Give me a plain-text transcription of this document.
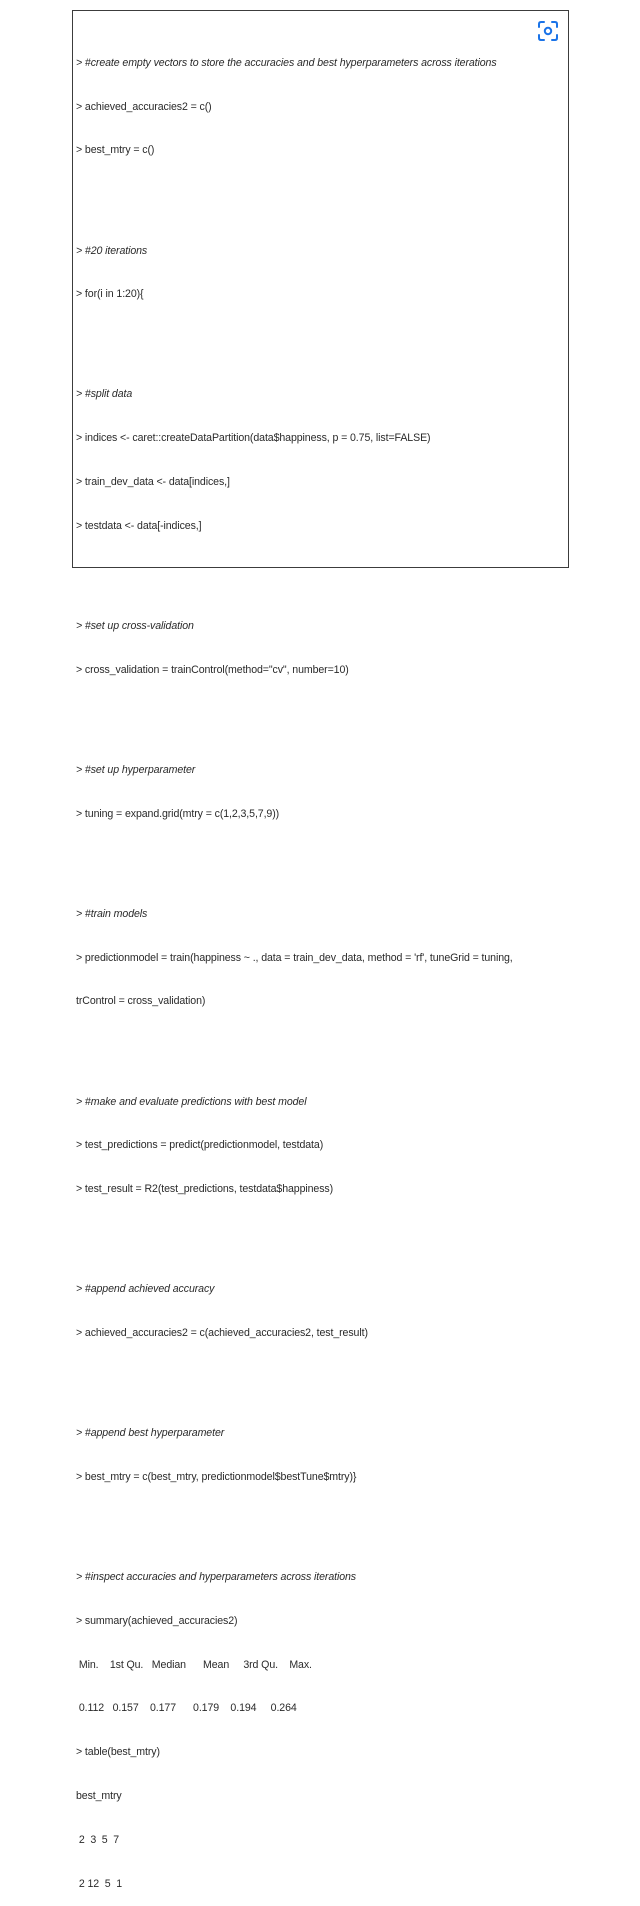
> #create empty vectors to store the accuracies and best hyperparameters across iterations

> achieved_accuracies2 = c()

> best_mtry = c()

> #20 iterations

> for(i in 1:20){

> #split data

> indices <- caret::createDataPartition(data$happiness, p = 0.75, list=FALSE)

> train_dev_data <- data[indices,]

> testdata <- data[-indices,]

> #set up cross-validation

> cross_validation = trainControl(method="cv", number=10)

> #set up hyperparameter

> tuning = expand.grid(mtry = c(1,2,3,5,7,9))

> #train models

> predictionmodel = train(happiness ~ ., data = train_dev_data, method = 'rf', tuneGrid = tuning,

trControl = cross_validation)

> #make and evaluate predictions with best model

> test_predictions = predict(predictionmodel, testdata)

> test_result = R2(test_predictions, testdata$happiness)

> #append achieved accuracy

> achieved_accuracies2 = c(achieved_accuracies2, test_result)

> #append best hyperparameter

> best_mtry = c(best_mtry, predictionmodel$bestTune$mtry)}

> #inspect accuracies and hyperparameters across iterations

> summary(achieved_accuracies2)

Min.    1st Qu.   Median      Mean     3rd Qu.    Max.

0.112   0.157    0.177      0.179    0.194     0.264

> table(best_mtry)

best_mtry

2  3  5  7

2 12  5  1
